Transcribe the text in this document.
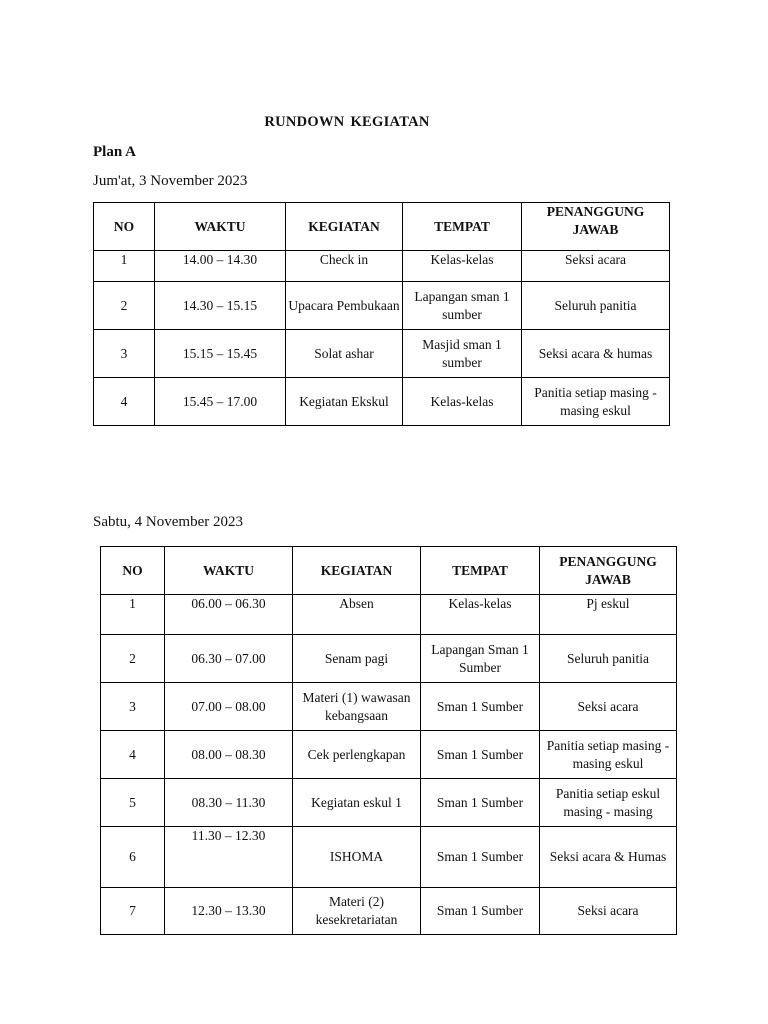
RUNDOWN KEGIATAN
Plan A
Jum'at, 3 November 2023
NO	WAKTU	KEGIATAN	TEMPAT	PENANGGUNG JAWAB
1	14.00 – 14.30	Check in	Kelas-kelas	Seksi acara
2	14.30 – 15.15	Upacara Pembukaan	Lapangan sman 1 sumber	Seluruh panitia
3	15.15 – 15.45	Solat ashar	Masjid sman 1 sumber	Seksi acara & humas
4	15.45 – 17.00	Kegiatan Ekskul	Kelas-kelas	Panitia setiap masing - masing eskul
Sabtu, 4 November 2023
NO	WAKTU	KEGIATAN	TEMPAT	PENANGGUNG JAWAB
1	06.00 – 06.30	Absen	Kelas-kelas	Pj eskul
2	06.30 – 07.00	Senam pagi	Lapangan Sman 1 Sumber	Seluruh panitia
3	07.00 – 08.00	Materi (1) wawasan kebangsaan	Sman 1 Sumber	Seksi acara
4	08.00 – 08.30	Cek perlengkapan	Sman 1 Sumber	Panitia setiap masing - masing eskul
5	08.30 – 11.30	Kegiatan eskul 1	Sman 1 Sumber	Panitia setiap eskul masing - masing
6	11.30 – 12.30	ISHOMA	Sman 1 Sumber	Seksi acara & Humas
7	12.30 – 13.30	Materi (2) kesekretariatan	Sman 1 Sumber	Seksi acara
